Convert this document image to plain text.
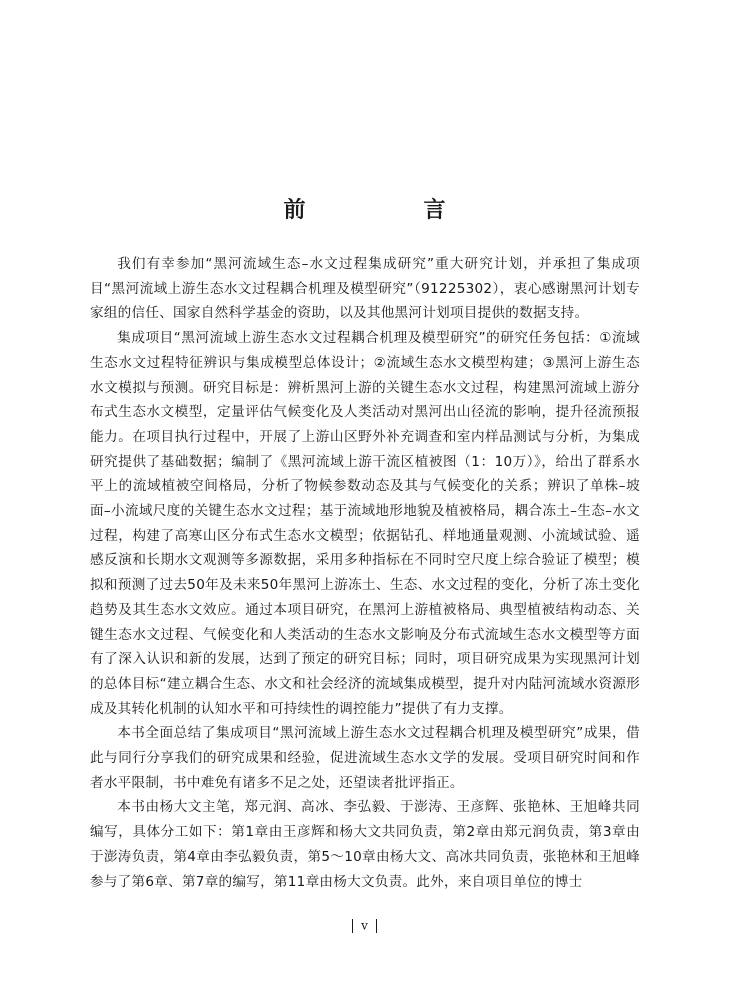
前　言

我们有幸参加“黑河流域生态–水文过程集成研究”重大研究计划，并承担了集成项目“黑河流域上游生态水文过程耦合机理及模型研究”（91225302），衷心感谢黑河计划专家组的信任、国家自然科学基金的资助，以及其他黑河计划项目提供的数据支持。

集成项目“黑河流域上游生态水文过程耦合机理及模型研究”的研究任务包括：①流域生态水文过程特征辨识与集成模型总体设计；②流域生态水文模型构建；③黑河上游生态水文模拟与预测。研究目标是：辨析黑河上游的关键生态水文过程，构建黑河流域上游分布式生态水文模型，定量评估气候变化及人类活动对黑河出山径流的影响，提升径流预报能力。在项目执行过程中，开展了上游山区野外补充调查和室内样品测试与分析，为集成研究提供了基础数据；编制了《黑河流域上游干流区植被图（1：10万）》，给出了群系水平上的流域植被空间格局，分析了物候参数动态及其与气候变化的关系；辨识了单株–坡面–小流域尺度的关键生态水文过程；基于流域地形地貌及植被格局，耦合冻土–生态–水文过程，构建了高寒山区分布式生态水文模型；依据钻孔、样地通量观测、小流域试验、遥感反演和长期水文观测等多源数据，采用多种指标在不同时空尺度上综合验证了模型；模拟和预测了过去50年及未来50年黑河上游冻土、生态、水文过程的变化，分析了冻土变化趋势及其生态水文效应。通过本项目研究，在黑河上游植被格局、典型植被结构动态、关键生态水文过程、气候变化和人类活动的生态水文影响及分布式流域生态水文模型等方面有了深入认识和新的发展，达到了预定的研究目标；同时，项目研究成果为实现黑河计划的总体目标“建立耦合生态、水文和社会经济的流域集成模型，提升对内陆河流域水资源形成及其转化机制的认知水平和可持续性的调控能力”提供了有力支撑。

本书全面总结了集成项目“黑河流域上游生态水文过程耦合机理及模型研究”成果，借此与同行分享我们的研究成果和经验，促进流域生态水文学的发展。受项目研究时间和作者水平限制，书中难免有诸多不足之处，还望读者批评指正。

本书由杨大文主笔，郑元润、高冰、李弘毅、于澎涛、王彦辉、张艳林、王旭峰共同编写，具体分工如下：第1章由王彦辉和杨大文共同负责，第2章由郑元润负责，第3章由于澎涛负责，第4章由李弘毅负责，第5～10章由杨大文、高冰共同负责，张艳林和王旭峰参与了第6章、第7章的编写，第11章由杨大文负责。此外，来自项目单位的博士

v
